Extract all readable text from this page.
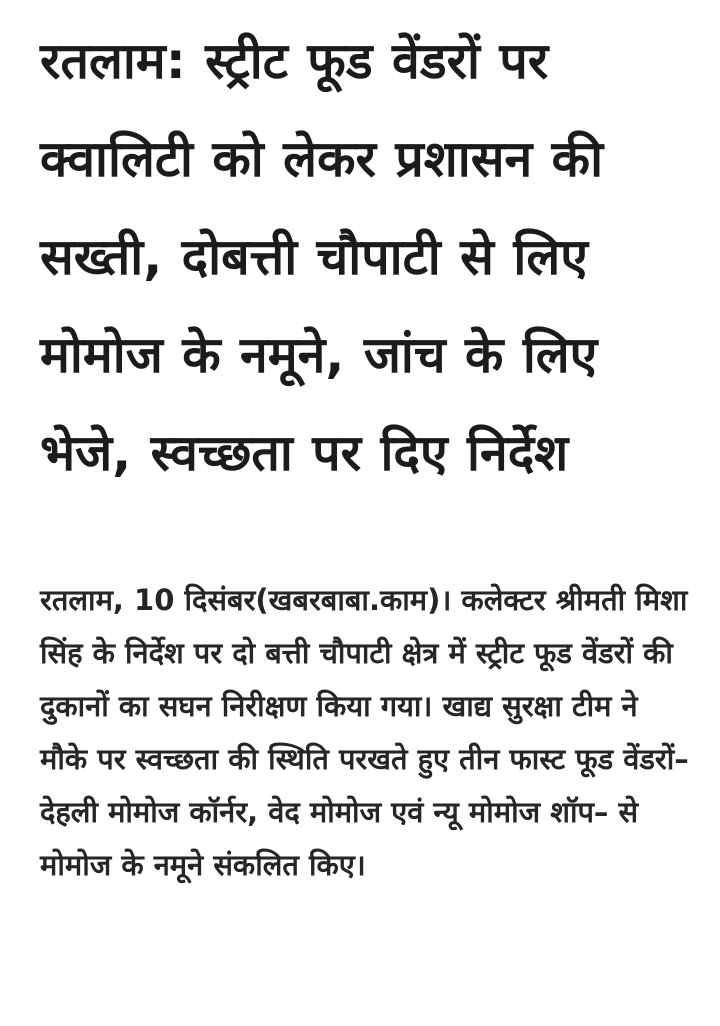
रतलाम: स्ट्रीट फूड वेंडरों पर क्वालिटी को लेकर प्रशासन की सख्ती, दोबत्ती चौपाटी से लिए मोमोज के नमूने, जांच के लिए भेजे, स्वच्छता पर दिए निर्देश

रतलाम, 10 दिसंबर(खबरबाबा.काम)। कलेक्टर श्रीमती मिशा सिंह के निर्देश पर दो बत्ती चौपाटी क्षेत्र में स्ट्रीट फूड वेंडरों की दुकानों का सघन निरीक्षण किया गया। खाद्य सुरक्षा टीम ने मौके पर स्वच्छता की स्थिति परखते हुए तीन फास्ट फूड वेंडरों– देहली मोमोज कॉर्नर, वेद मोमोज एवं न्यू मोमोज शॉप– से मोमोज के नमूने संकलित किए।
